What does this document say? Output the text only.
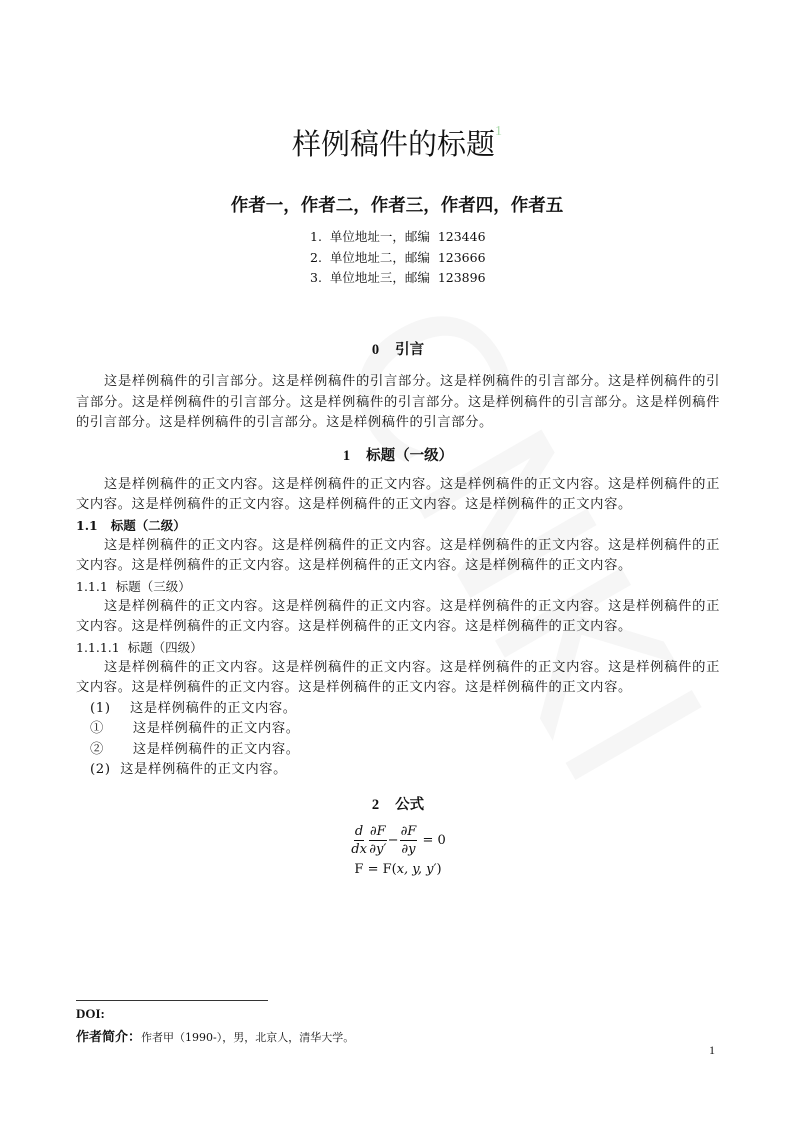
样例稿件的标题$^1$
作者一，作者二，作者三，作者四，作者五
1.  单位地址一，邮编  123446
2.  单位地址二，邮编  123666
3.  单位地址三，邮编  123896
0 引言

这是样例稿件的引言部分。这是样例稿件的引言部分。这是样例稿件的引言部分。这是样例稿件的引言部分。这是样例稿件的引言部分。这是样例稿件的引言部分。这是样例稿件的引言部分。这是样例稿件的引言部分。这是样例稿件的引言部分。这是样例稿件的引言部分。

1 标题（一级）

这是样例稿件的正文内容。这是样例稿件的正文内容。这是样例稿件的正文内容。这是样例稿件的正文内容。这是样例稿件的正文内容。这是样例稿件的正文内容。这是样例稿件的正文内容。

1.1   标题（二级）

这是样例稿件的正文内容。这是样例稿件的正文内容。这是样例稿件的正文内容。这是样例稿件的正文内容。这是样例稿件的正文内容。这是样例稿件的正文内容。这是样例稿件的正文内容。

1.1.1  标题（三级）

这是样例稿件的正文内容。这是样例稿件的正文内容。这是样例稿件的正文内容。这是样例稿件的正文内容。这是样例稿件的正文内容。这是样例稿件的正文内容。这是样例稿件的正文内容。

1.1.1.1  标题（四级）

这是样例稿件的正文内容。这是样例稿件的正文内容。这是样例稿件的正文内容。这是样例稿件的正文内容。这是样例稿件的正文内容。这是样例稿件的正文内容。这是样例稿件的正文内容。

(1)    这是样例稿件的正文内容。
①      这是样例稿件的正文内容。
②      这是样例稿件的正文内容。
(2)  这是样例稿件的正文内容。
2 公式
$\frac{d}{dx} \frac{\partial F}{\partial y'} - \frac{\partial F}{\partial y} = 0$
F = F(x, y, y′)
DOI:
作者简介：作者甲（1990-），男，北京人，清华大学。
1
